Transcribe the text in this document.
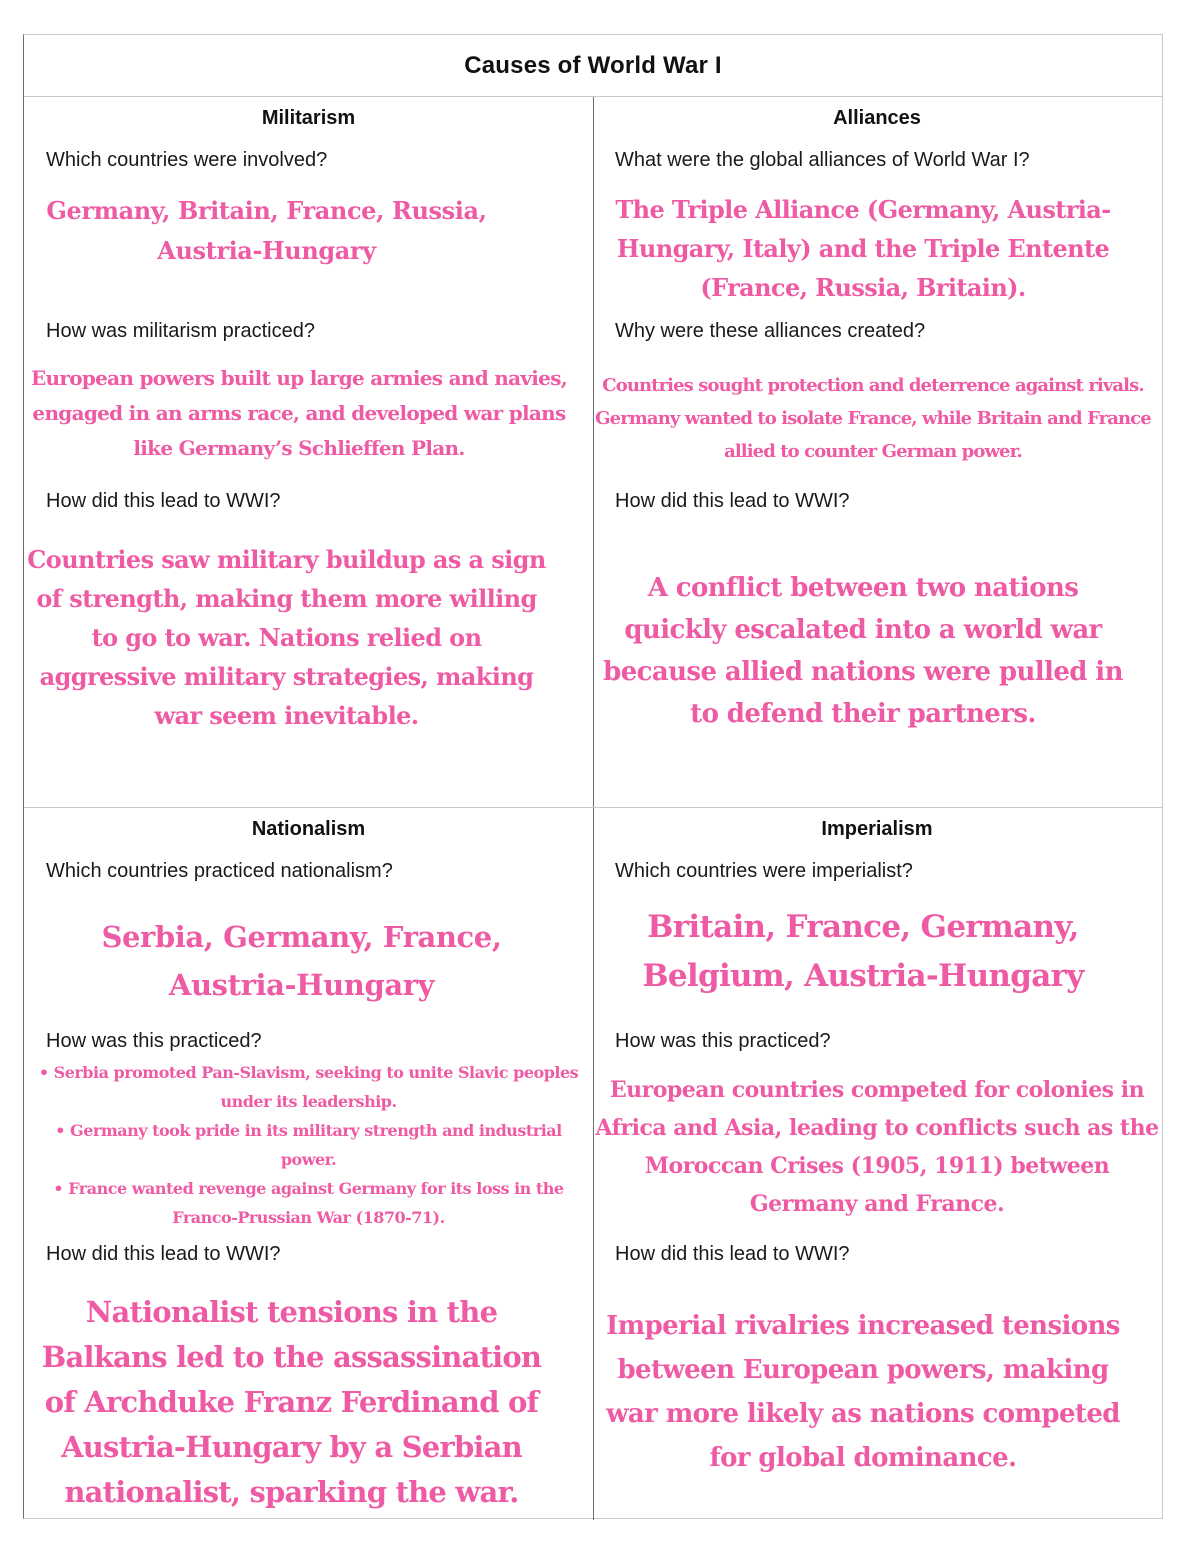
Causes of World War I
Militarism
Which countries were involved?
Germany, Britain, France, Russia, Austria-Hungary
How was militarism practiced?
European powers built up large armies and navies, engaged in an arms race, and developed war plans like Germany’s Schlieffen Plan.
How did this lead to WWI?
Countries saw military buildup as a sign of strength, making them more willing to go to war. Nations relied on aggressive military strategies, making war seem inevitable.
Alliances
What were the global alliances of World War I?
The Triple Alliance (Germany, Austria-Hungary, Italy) and the Triple Entente (France, Russia, Britain).
Why were these alliances created?
Countries sought protection and deterrence against rivals. Germany wanted to isolate France, while Britain and France allied to counter German power.
How did this lead to WWI?
A conflict between two nations quickly escalated into a world war because allied nations were pulled in to defend their partners.
Nationalism
Which countries practiced nationalism?
Serbia, Germany, France, Austria-Hungary
How was this practiced?
• Serbia promoted Pan-Slavism, seeking to unite Slavic peoples under its leadership.
• Germany took pride in its military strength and industrial power.
• France wanted revenge against Germany for its loss in the Franco-Prussian War (1870-71).
How did this lead to WWI?
Nationalist tensions in the Balkans led to the assassination of Archduke Franz Ferdinand of Austria-Hungary by a Serbian nationalist, sparking the war.
Imperialism
Which countries were imperialist?
Britain, France, Germany, Belgium, Austria-Hungary
How was this practiced?
European countries competed for colonies in Africa and Asia, leading to conflicts such as the Moroccan Crises (1905, 1911) between Germany and France.
How did this lead to WWI?
Imperial rivalries increased tensions between European powers, making war more likely as nations competed for global dominance.
